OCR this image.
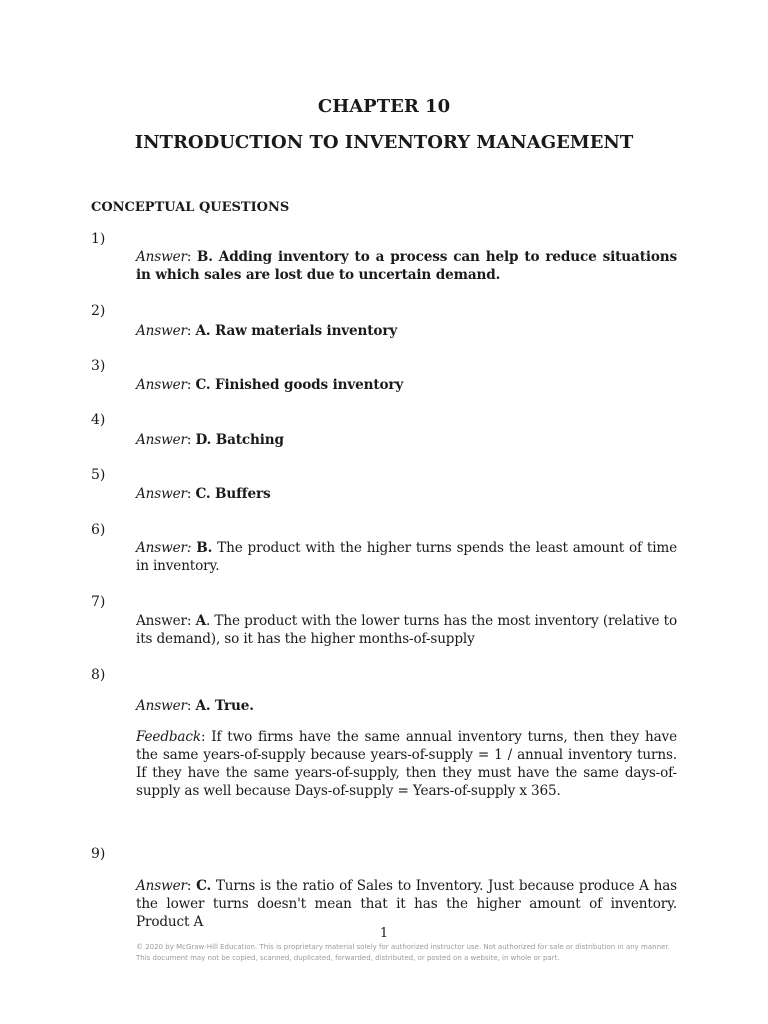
CHAPTER 10
INTRODUCTION TO INVENTORY MANAGEMENT
CONCEPTUAL QUESTIONS
1)
Answer: B. Adding inventory to a process can help to reduce situations in which sales are lost due to uncertain demand.
2)
Answer: A. Raw materials inventory
3)
Answer: C. Finished goods inventory
4)
Answer: D. Batching
5)
Answer: C. Buffers
6)
Answer: B. The product with the higher turns spends the least amount of time in inventory.
7)
Answer: A. The product with the lower turns has the most inventory (relative to its demand), so it has the higher months-of-supply
8)
Answer: A. True.
Feedback: If two firms have the same annual inventory turns, then they have the same years-of-supply because years-of-supply = 1 / annual inventory turns. If they have the same years-of-supply, then they must have the same days-of-supply as well because Days-of-supply = Years-of-supply x 365.
9)
Answer: C. Turns is the ratio of Sales to Inventory. Just because produce A has the lower turns doesn't mean that it has the higher amount of inventory. Product A
1
© 2020 by McGraw-Hill Education. This is proprietary material solely for authorized instructor use. Not authorized for sale or distribution in any manner. This document may not be copied, scanned, duplicated, forwarded, distributed, or posted on a website, in whole or part.
